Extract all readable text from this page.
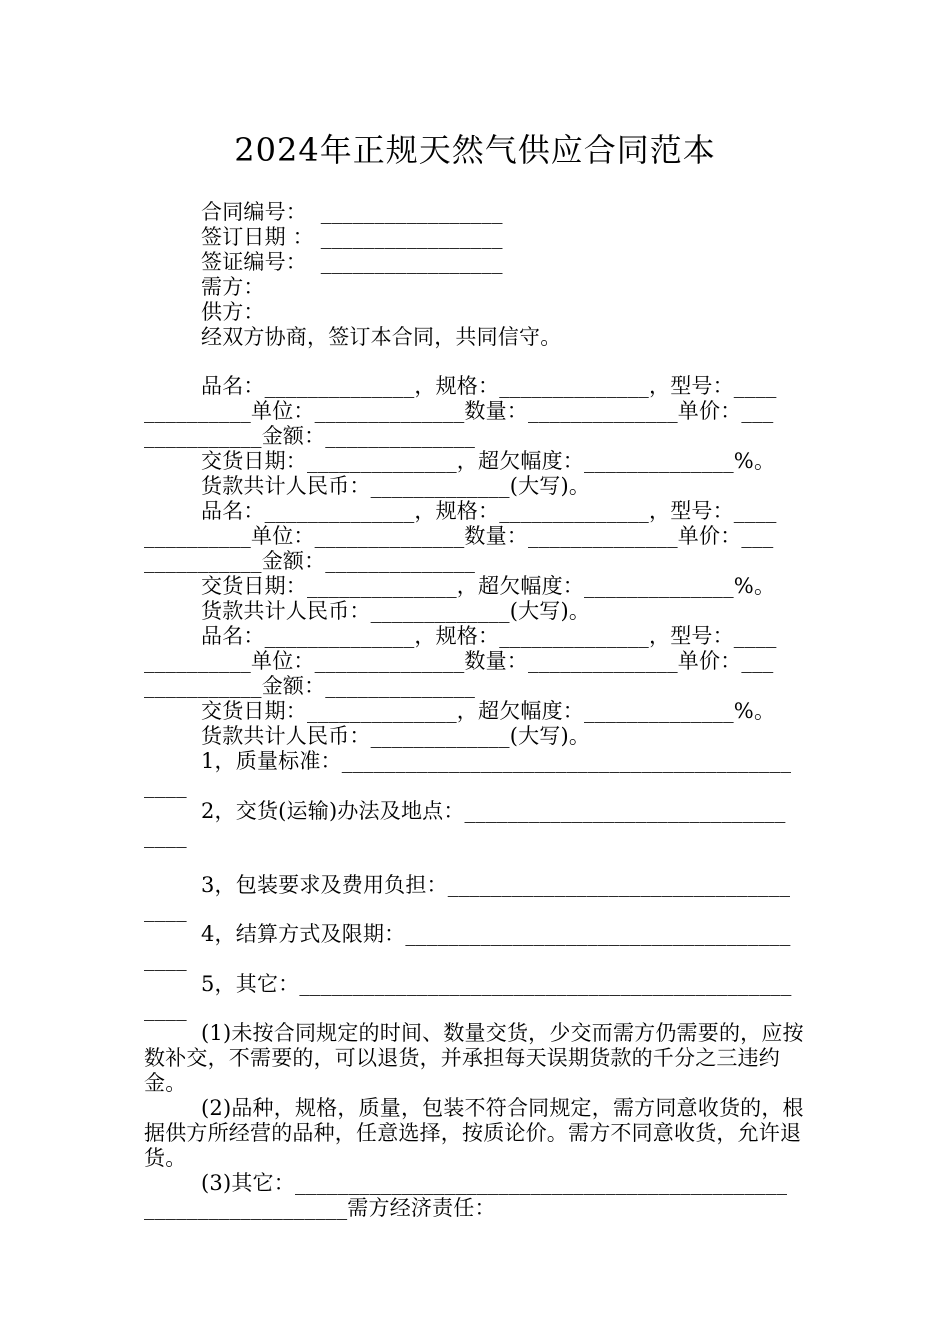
2024年正规天然气供应合同范本
合同编号：  _________________
签订日期 ： _________________
签证编号：  _________________
需方：
供方：
经双方协商，签订本合同，共同信守。
品名：______________，规格：______________，型号：____
__________单位：______________数量：______________单价：___
___________金额：______________
交货日期：______________，超欠幅度：______________%。
货款共计人民币：_____________(大写)。
品名：______________，规格：______________，型号：____
__________单位：______________数量：______________单价：___
___________金额：______________
交货日期：______________，超欠幅度：______________%。
货款共计人民币：_____________(大写)。
品名：______________，规格：______________，型号：____
__________单位：______________数量：______________单价：___
___________金额：______________
交货日期：______________，超欠幅度：______________%。
货款共计人民币：_____________(大写)。
1，质量标准：__________________________________________
____
2，交货(运输)办法及地点：______________________________
____
3，包装要求及费用负担：________________________________
____
4，结算方式及限期：____________________________________
____
5，其它：______________________________________________
____
(1)未按合同规定的时间、数量交货，少交而需方仍需要的，应按数补交，不需要的，可以退货，并承担每天误期货款的千分之三违约金。
(2)品种，规格，质量，包装不符合同规定，需方同意收货的，根据供方所经营的品种，任意选择，按质论价。需方不同意收货，允许退货。
(3)其它：______________________________________________
___________________需方经济责任：
